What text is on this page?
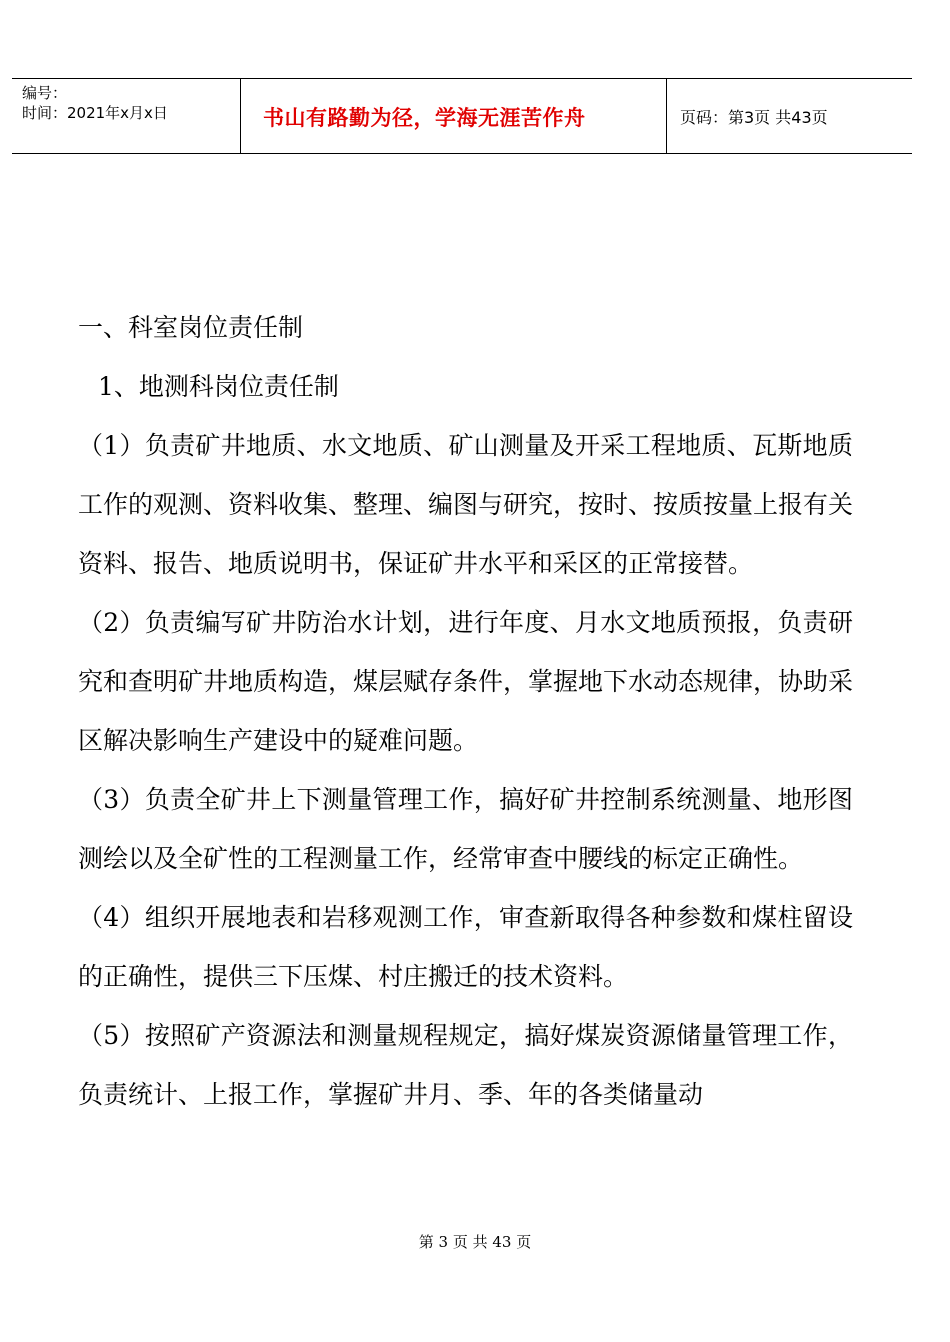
编号：
时间：2021年x月x日	书山有路勤为径，学海无涯苦作舟	页码：第3页 共43页

一、科室岗位责任制

1、地测科岗位责任制

（1）负责矿井地质、水文地质、矿山测量及开采工程地质、瓦斯地质工作的观测、资料收集、整理、编图与研究，按时、按质按量上报有关资料、报告、地质说明书，保证矿井水平和采区的正常接替。

（2）负责编写矿井防治水计划，进行年度、月水文地质预报，负责研究和查明矿井地质构造，煤层赋存条件，掌握地下水动态规律，协助采区解决影响生产建设中的疑难问题。

（3）负责全矿井上下测量管理工作，搞好矿井控制系统测量、地形图测绘以及全矿性的工程测量工作，经常审查中腰线的标定正确性。

（4）组织开展地表和岩移观测工作，审查新取得各种参数和煤柱留设的正确性，提供三下压煤、村庄搬迁的技术资料。

（5）按照矿产资源法和测量规程规定，搞好煤炭资源储量管理工作，负责统计、上报工作，掌握矿井月、季、年的各类储量动

第 3 页 共 43 页
